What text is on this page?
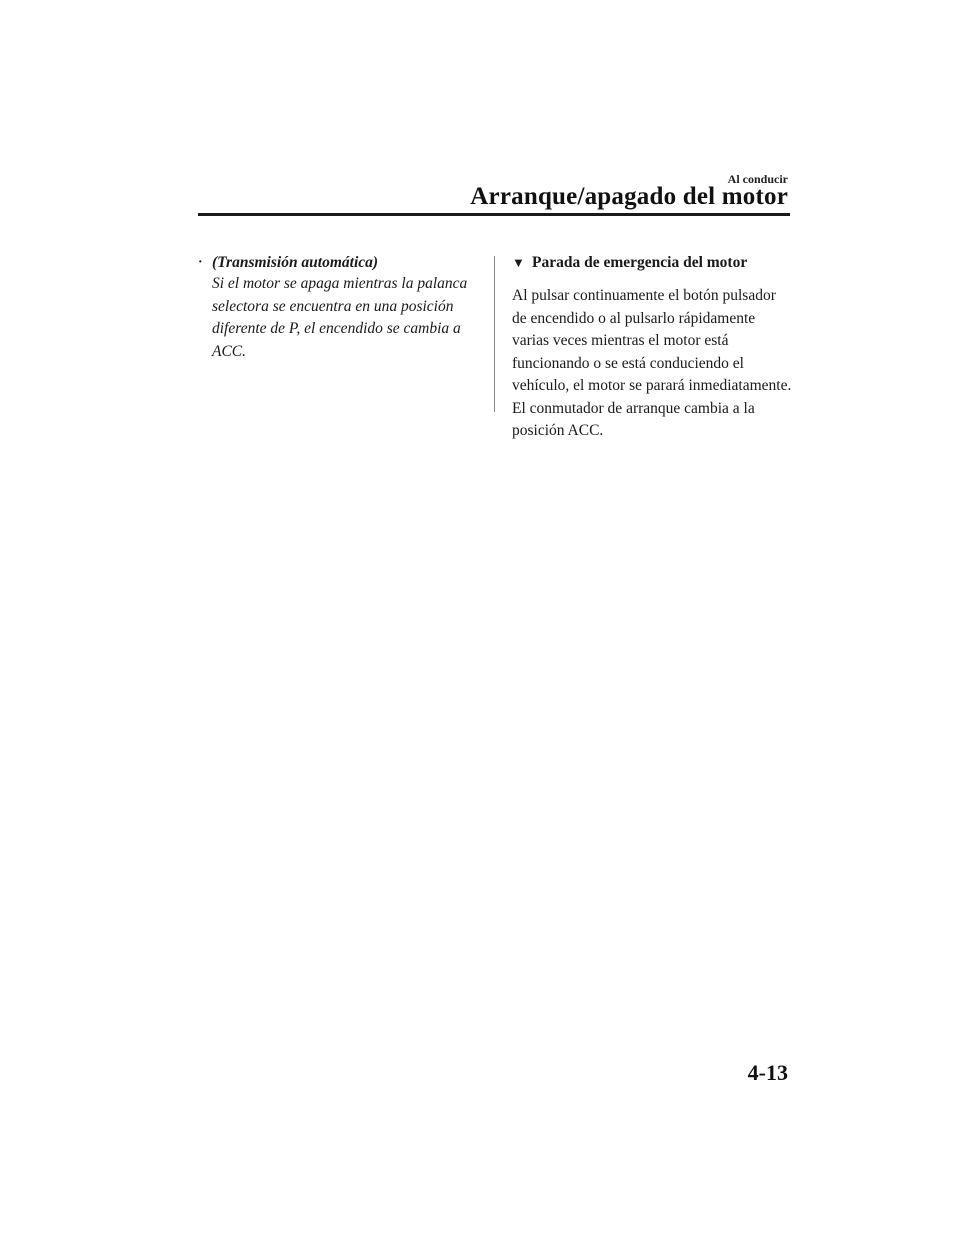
Al conducir
Arranque/apagado del motor
· (Transmisión automática)
Si el motor se apaga mientras la palanca selectora se encuentra en una posición diferente de P, el encendido se cambia a ACC.
▼ Parada de emergencia del motor
Al pulsar continuamente el botón pulsador de encendido o al pulsarlo rápidamente varias veces mientras el motor está funcionando o se está conduciendo el vehículo, el motor se parará inmediatamente. El conmutador de arranque cambia a la posición ACC.
4-13
